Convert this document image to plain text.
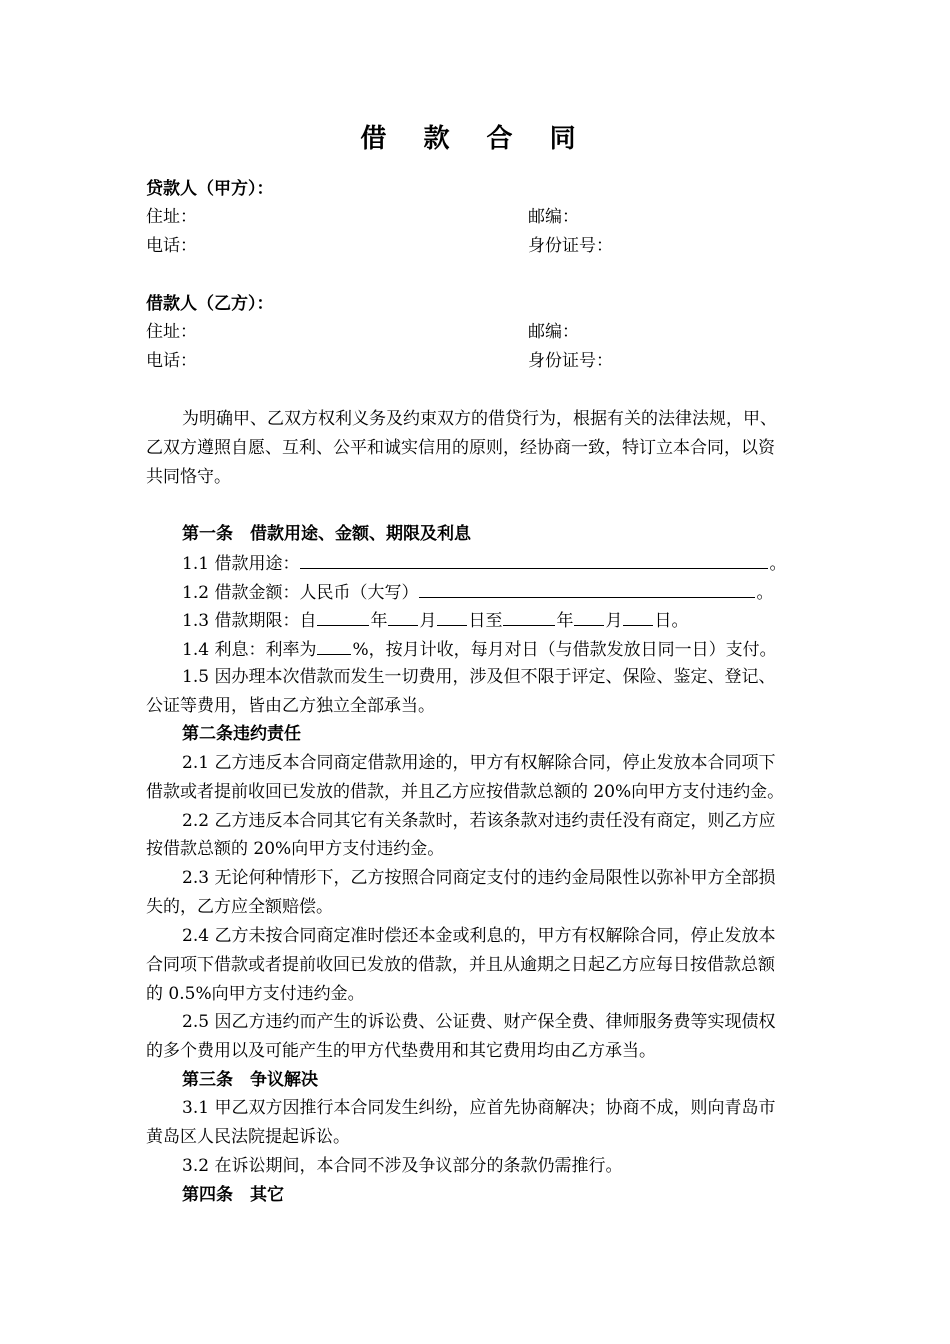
借 款 合 同
贷款人（甲方）：
住址：	邮编：
电话：	身份证号：
借款人（乙方）：
住址：	邮编：
电话：	身份证号：
为明确甲、乙双方权利义务及约束双方的借贷行为，根据有关的法律法规，甲、
乙双方遵照自愿、互利、公平和诚实信用的原则，经协商一致，特订立本合同，以资
共同恪守。
第一条　借款用途、金额、期限及利息
1.1 借款用途：	。
1.2 借款金额：人民币（大写）	。
1.3 借款期限：自	年 月 日至	年 月 日。
1.4 利息：利率为 %，按月计收，每月对日（与借款发放日同一日）支付。
1.5 因办理本次借款而发生一切费用，涉及但不限于评定、保险、鉴定、登记、
公证等费用，皆由乙方独立全部承当。
第二条违约责任
2.1 乙方违反本合同商定借款用途的，甲方有权解除合同，停止发放本合同项下
借款或者提前收回已发放的借款，并且乙方应按借款总额的 20%向甲方支付违约金。
2.2 乙方违反本合同其它有关条款时，若该条款对违约责任没有商定，则乙方应
按借款总额的 20%向甲方支付违约金。
2.3 无论何种情形下，乙方按照合同商定支付的违约金局限性以弥补甲方全部损
失的，乙方应全额赔偿。
2.4 乙方未按合同商定准时偿还本金或利息的，甲方有权解除合同，停止发放本
合同项下借款或者提前收回已发放的借款，并且从逾期之日起乙方应每日按借款总额
的 0.5%向甲方支付违约金。
2.5 因乙方违约而产生的诉讼费、公证费、财产保全费、律师服务费等实现债权
的多个费用以及可能产生的甲方代垫费用和其它费用均由乙方承当。
第三条　争议解决
3.1 甲乙双方因推行本合同发生纠纷，应首先协商解决；协商不成，则向青岛市
黄岛区人民法院提起诉讼。
3.2 在诉讼期间，本合同不涉及争议部分的条款仍需推行。
第四条　其它
